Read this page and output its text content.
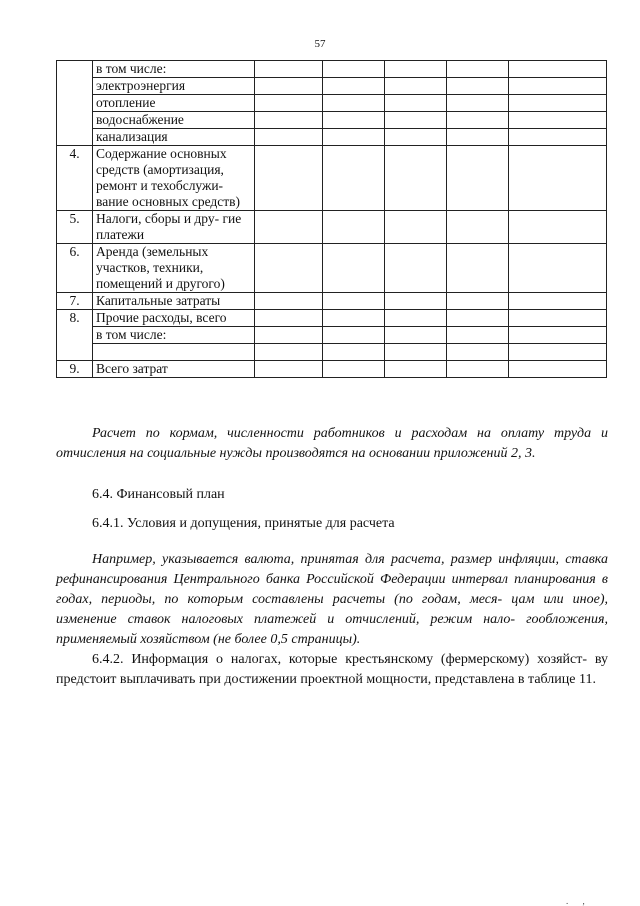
57
	в том числе:					
	электроэнергия					
	отопление					
	водоснабжение					
	канализация					
4.	Содержание основных средств (амортизация, ремонт и техобслужи- вание основных средств)					
5.	Налоги, сборы и дру- гие платежи					
6.	Аренда (земельных участков, техники, помещений и другого)					
7.	Капитальные затраты					
8.	Прочие расходы, всего					
	в том числе:					

9.	Всего затрат					

Расчет по кормам, численности работников и расходам на оплату труда и отчисления на социальные нужды производятся на основании приложений 2, 3.

6.4. Финансовый план
6.4.1. Условия и допущения, принятые для расчета

Например, указывается валюта, принятая для расчета, размер инфляции, ставка рефинансирования Центрального банка Российской Федерации интервал планирования в годах, периоды, по которым составлены расчеты (по годам, меся- цам или иное), изменение ставок налоговых платежей и отчислений, режим нало- гообложения, применяемый хозяйством (не более 0,5 страницы).

6.4.2. Информация о налогах, которые крестьянскому (фермерскому) хозяйст- ву предстоит выплачивать при достижении проектной мощности, представлена в таблице 11.

. ,
